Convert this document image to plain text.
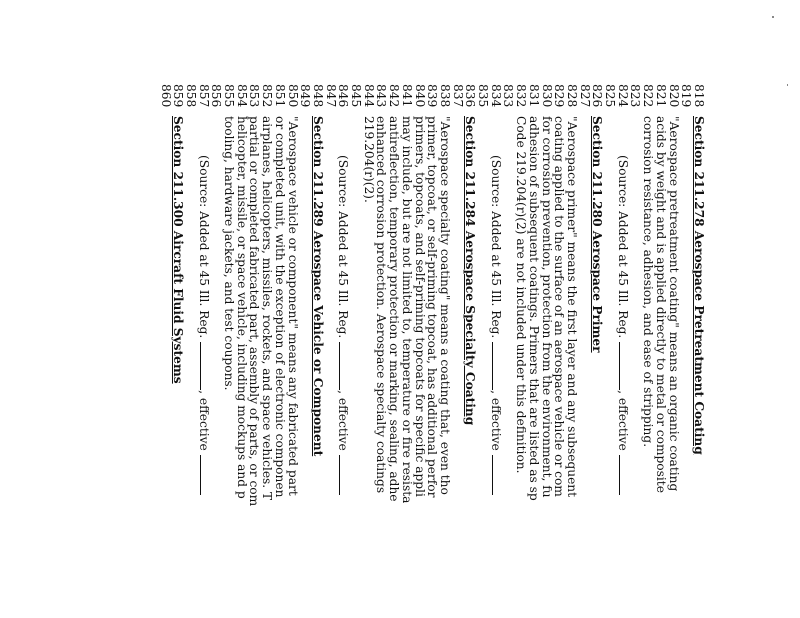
818
Section 211.278 Aerospace Pretreatment Coating
819
820
"Aerospace pretreatment coating" means an organic coating
821
acids by weight and is applied directly to metal or composite
822
corrosion resistance, adhesion, and ease of stripping.
823
824
(Source: Added at 45 Ill. Reg. , effective
825
826
Section 211.280 Aerospace Primer
827
828
"Aerospace primer" means the first layer and any subsequent
829
coating applied to the surface of an aerospace vehicle or com
830
for corrosion prevention, protection from the environment, fu
831
adhesion of subsequent coatings. Primers that are listed as sp
832
Code 219.204(r)(2) are not included under this definition.
833
834
(Source: Added at 45 Ill. Reg. , effective
835
836
Section 211.284 Aerospace Specialty Coating
837
838
"Aerospace specialty coating" means a coating that, even tho
839
primer, topcoat, or self-priming topcoat, has additional perfor
840
primers, topcoats, and self-priming topcoats for specific appli
841
may include, but are not limited to, temperature or fire resista
842
antireflection, temporary protection or marking, sealing, adhe
843
enhanced corrosion protection. Aerospace specialty coatings
844
219.204(r)(2).
845
846
(Source: Added at 45 Ill. Reg. , effective
847
848
Section 211.289 Aerospace Vehicle or Component
849
850
"Aerospace vehicle or component" means any fabricated part
851
or completed unit, with the exception of electronic componen
852
airplanes, helicopters, missiles, rockets, and space vehicles. T
853
partial or completed fabricated part, assembly of parts, or com
854
helicopter, missile, or space vehicle, including mockups and p
855
tooling, hardware jackets, and test coupons.
856
857
(Source: Added at 45 Ill. Reg. , effective
858
859
Section 211.300 Aircraft Fluid Systems
860
